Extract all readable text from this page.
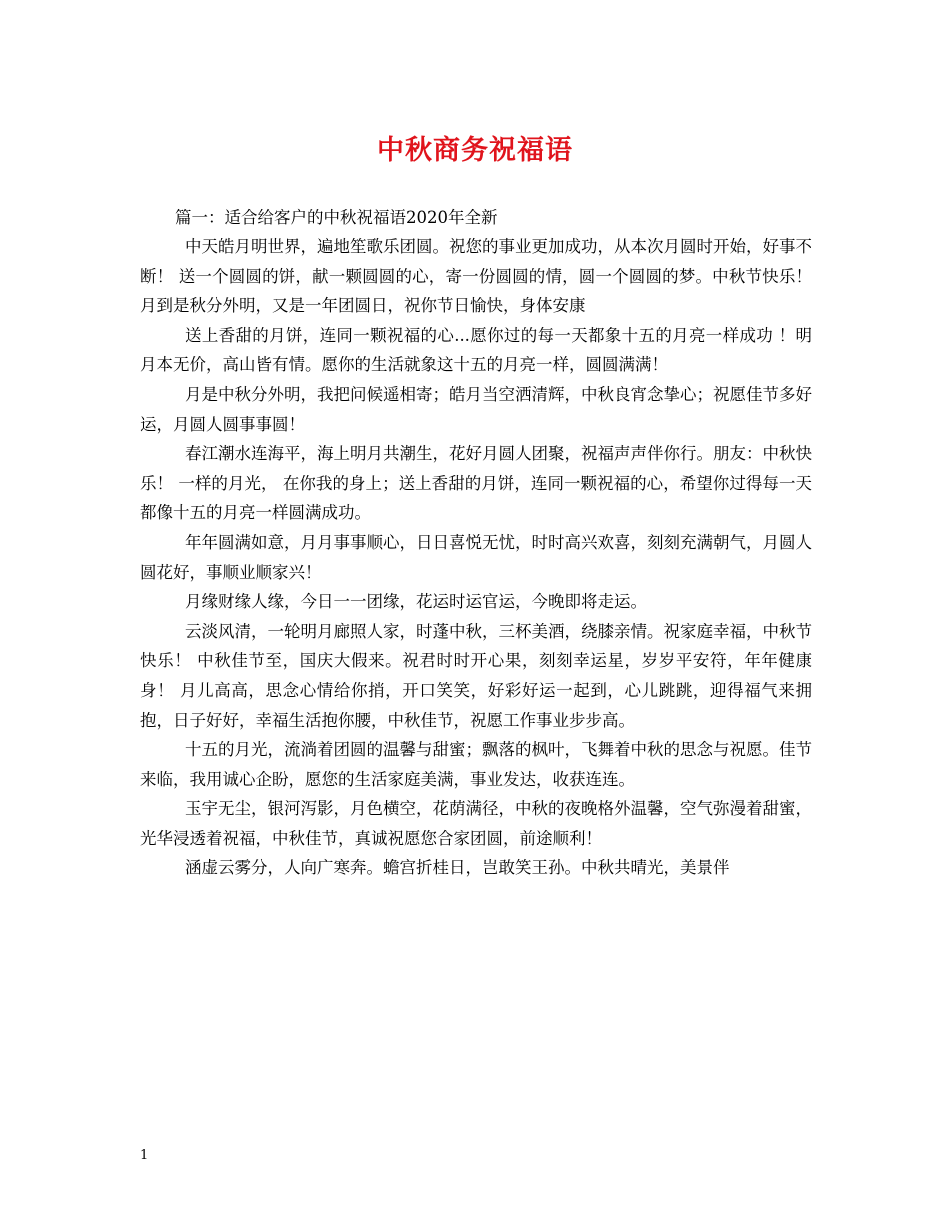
中秋商务祝福语

篇一：适合给客户的中秋祝福语2020年全新

中天皓月明世界，遍地笙歌乐团圆。祝您的事业更加成功，从本次月圆时开始，好事不断！ 送一个圆圆的饼，献一颗圆圆的心，寄一份圆圆的情，圆一个圆圆的梦。中秋节快乐！ 月到是秋分外明，又是一年团圆日，祝你节日愉快，身体安康

送上香甜的月饼，连同一颗祝福的心...愿你过的每一天都象十五的月亮一样成功 ！明月本无价，高山皆有情。愿你的生活就象这十五的月亮一样，圆圆满满！

月是中秋分外明，我把问候遥相寄；皓月当空洒清辉，中秋良宵念挚心；祝愿佳节多好运，月圆人圆事事圆！

春江潮水连海平，海上明月共潮生，花好月圆人团聚，祝福声声伴你行。朋友：中秋快乐！ 一样的月光， 在你我的身上；送上香甜的月饼，连同一颗祝福的心，希望你过得每一天都像十五的月亮一样圆满成功。

年年圆满如意，月月事事顺心，日日喜悦无忧，时时高兴欢喜，刻刻充满朝气，月圆人圆花好，事顺业顺家兴！

月缘财缘人缘，今日一一团缘，花运时运官运，今晚即将走运。

云淡风清，一轮明月廊照人家，时蓬中秋，三杯美酒，绕膝亲情。祝家庭幸福，中秋节快乐！ 中秋佳节至，国庆大假来。祝君时时开心果，刻刻幸运星，岁岁平安符，年年健康身！ 月儿高高，思念心情给你捎，开口笑笑，好彩好运一起到，心儿跳跳，迎得福气来拥抱，日子好好，幸福生活抱你腰，中秋佳节，祝愿工作事业步步高。

十五的月光，流淌着团圆的温馨与甜蜜；飘落的枫叶，飞舞着中秋的思念与祝愿。佳节来临，我用诚心企盼，愿您的生活家庭美满，事业发达，收获连连。

玉宇无尘，银河泻影，月色横空，花荫满径，中秋的夜晚格外温馨，空气弥漫着甜蜜，光华浸透着祝福，中秋佳节，真诚祝愿您合家团圆，前途顺利！

涵虚云雾分，人向广寒奔。蟾宫折桂日，岂敢笑王孙。中秋共晴光，美景伴

1
